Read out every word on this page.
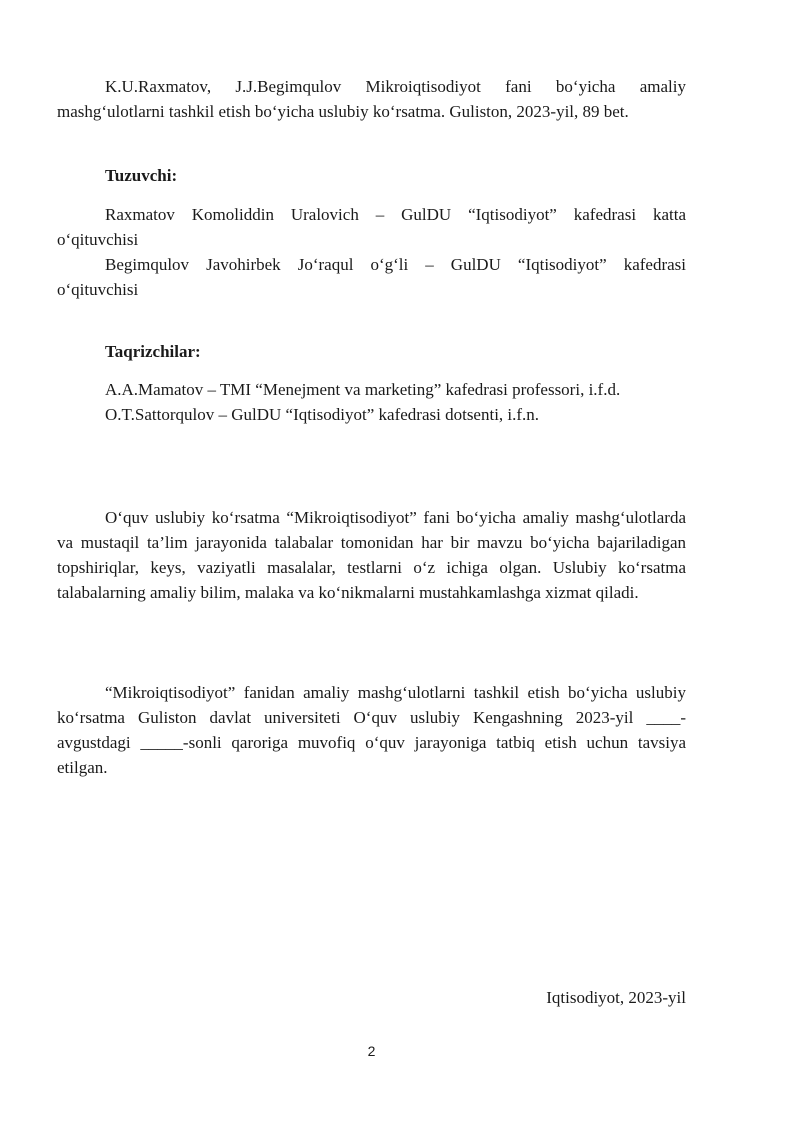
K.U.Raxmatov, J.J.Begimqulov Mikroiqtisodiyot fani bo‘yicha amaliy mashg‘ulotlarni tashkil etish bo‘yicha uslubiy ko‘rsatma. Guliston, 2023-yil, 89 bet.

Tuzuvchi:
Raxmatov Komoliddin Uralovich – GulDU “Iqtisodiyot” kafedrasi katta
o‘qituvchisi
Begimqulov Javohirbek Jo‘raqul o‘g‘li – GulDU “Iqtisodiyot” kafedrasi
o‘qituvchisi
Taqrizchilar:
A.A.Mamatov – TMI “Menejment va marketing” kafedrasi professori, i.f.d.
O.T.Sattorqulov – GulDU “Iqtisodiyot” kafedrasi dotsenti, i.f.n.

O‘quv uslubiy ko‘rsatma “Mikroiqtisodiyot” fani bo‘yicha amaliy mashg‘ulotlarda va mustaqil ta’lim jarayonida talabalar tomonidan har bir mavzu bo‘yicha bajariladigan topshiriqlar, keys, vaziyatli masalalar, testlarni o‘z ichiga olgan. Uslubiy ko‘rsatma talabalarning amaliy bilim, malaka va ko‘nikmalarni mustahkamlashga xizmat qiladi.

“Mikroiqtisodiyot” fanidan amaliy mashg‘ulotlarni tashkil etish bo‘yicha uslubiy ko‘rsatma Guliston davlat universiteti O‘quv uslubiy Kengashning 2023-yil ____-avgustdagi _____-sonli qaroriga muvofiq o‘quv jarayoniga tatbiq etish uchun tavsiya etilgan.

Iqtisodiyot, 2023-yil
2
